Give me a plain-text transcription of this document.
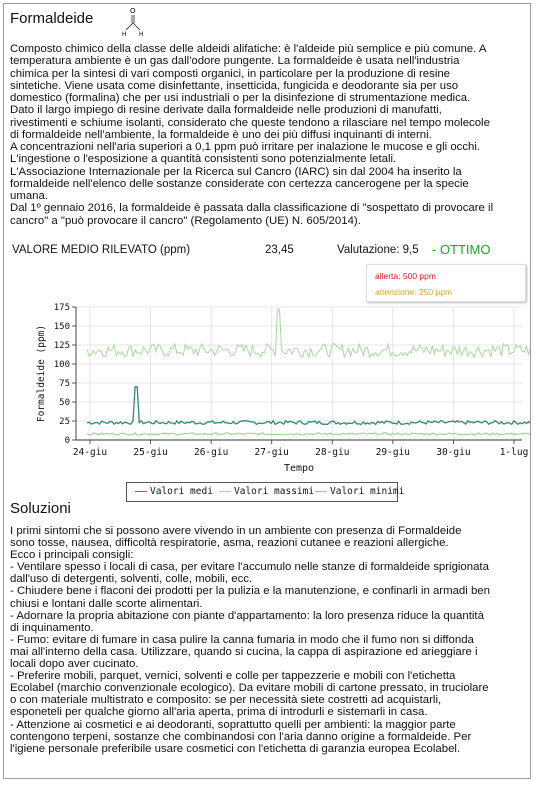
Formaldeide	O
H H

Composto chimico della classe delle aldeidi alifatiche: è l'aldeide più semplice e più comune. A
temperatura ambiente è un gas dall'odore pungente. La formaldeide è usata nell'industria
chimica per la sintesi di vari composti organici, in particolare per la produzione di resine
sintetiche. Viene usata come disinfettante, insetticida, fungicida e deodorante sia per uso
domestico (formalina) che per usi industriali o per la disinfezione di strumentazione medica.
Dato il largo impiego di resine derivate dalla formaldeide nelle produzioni di manufatti,
rivestimenti e schiume isolanti, considerato che queste tendono a rilasciare nel tempo molecole
di formaldeide nell'ambiente, la formaldeide è uno dei più diffusi inquinanti di interni.
A concentrazioni nell'aria superiori a 0,1 ppm può irritare per inalazione le mucose e gli occhi.
L'ingestione o l'esposizione a quantità consistenti sono potenzialmente letali.
L'Associazione Internazionale per la Ricerca sul Cancro (IARC) sin dal 2004 ha inserito la
formaldeide nell'elenco delle sostanze considerate con certezza cancerogene per la specie
umana.
Dal 1º gennaio 2016, la formaldeide è passata dalla classificazione di "sospettato di provocare il
cancro" a "può provocare il cancro" (Regolamento (UE) N. 605/2014).

VALORE MEDIO RILEVATO (ppm)	23,45	Valutazione: 9,5 - OTTIMO
allerta: 500 ppm
attenzione: 250 ppm
0
25
50
75
100
125
150
175
24-giu	25-giu	26-giu	27-giu	28-giu	29-giu	30-giu	1-lug
Formaldeide (ppm)
Tempo
Valori medi	Valori massimi	Valori minimi
Soluzioni

I primi sintomi che si possono avere vivendo in un ambiente con presenza di Formaldeide
sono tosse, nausea, difficoltà respiratorie, asma, reazioni cutanee e reazioni allergiche.
Ecco i principali consigli:
- Ventilare spesso i locali di casa, per evitare l'accumulo nelle stanze di formaldeide sprigionata
dall'uso di detergenti, solventi, colle, mobili, ecc.
- Chiudere bene i flaconi dei prodotti per la pulizia e la manutenzione, e confinarli in armadi ben
chiusi e lontani dalle scorte alimentari.
- Adornare la propria abitazione con piante d'appartamento: la loro presenza riduce la quantità
di inquinamento.
- Fumo: evitare di fumare in casa pulire la canna fumaria in modo che il fumo non si diffonda
mai all'interno della casa. Utilizzare, quando si cucina, la cappa di aspirazione ed arieggiare i
locali dopo aver cucinato.
- Preferire mobili, parquet, vernici, solventi e colle per tappezzerie e mobili con l'etichetta
Ecolabel (marchio convenzionale ecologico). Da evitare mobili di cartone pressato, in truciolare
o con materiale multistrato e composito: se per necessità siete costretti ad acquistarli,
esponeteli per qualche giorno all'aria aperta, prima di introdurli e sistemarli in casa.
- Attenzione ai cosmetici e ai deodoranti, soprattutto quelli per ambienti: la maggior parte
contengono terpeni, sostanze che combinandosi con l'aria danno origine a formaldeide. Per
l'igiene personale preferibile usare cosmetici con l'etichetta di garanzia europea Ecolabel.
